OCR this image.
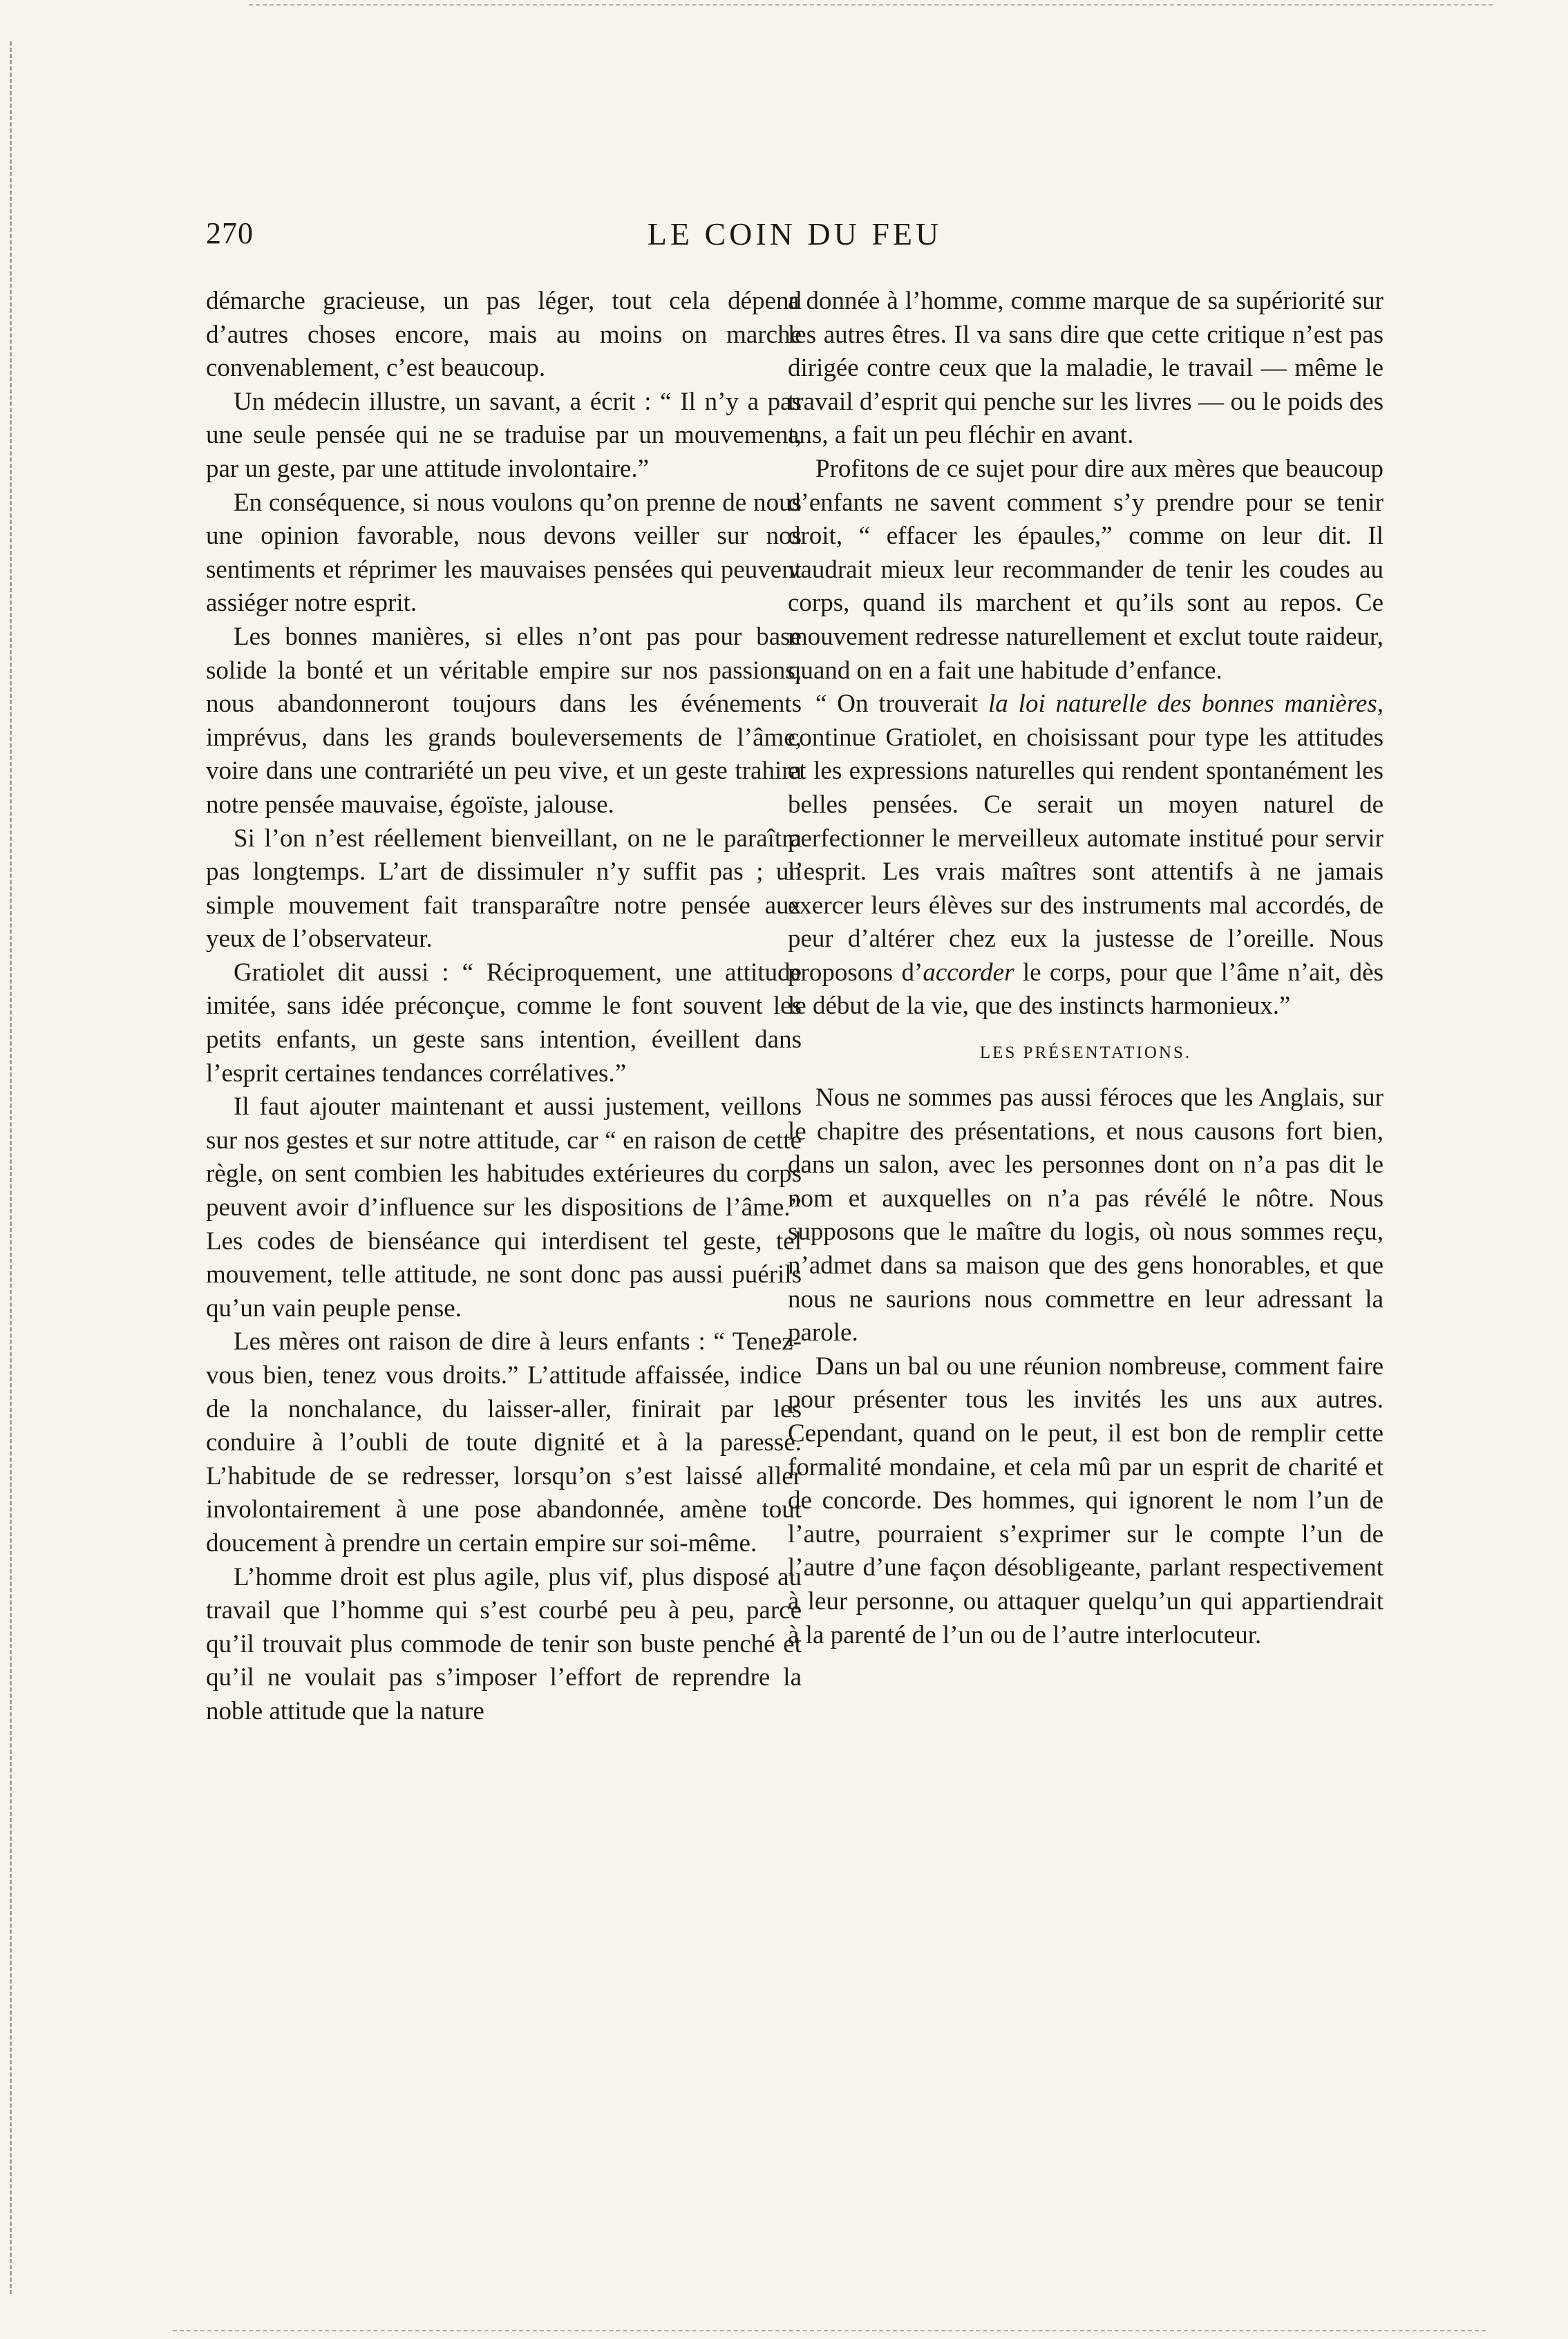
270	LE COIN DU FEU

démarche gracieuse, un pas léger, tout cela dépend d’autres choses encore, mais au moins on marche convenablement, c’est beaucoup.

Un médecin illustre, un savant, a écrit : “ Il n’y a pas une seule pensée qui ne se traduise par un mouvement, par un geste, par une attitude involontaire.”

En conséquence, si nous voulons qu’on prenne de nous une opinion favorable, nous devons veiller sur nos sentiments et réprimer les mauvaises pensées qui peuvent assiéger notre esprit.

Les bonnes manières, si elles n’ont pas pour base solide la bonté et un véritable empire sur nos passions, nous abandonneront toujours dans les événements imprévus, dans les grands bouleversements de l’âme, voire dans une contrariété un peu vive, et un geste trahira notre pensée mauvaise, égoïste, jalouse.

Si l’on n’est réellement bienveillant, on ne le paraîtra pas longtemps. L’art de dissimuler n’y suffit pas ; un simple mouvement fait transparaître notre pensée aux yeux de l’observateur.

Gratiolet dit aussi : “ Réciproquement, une attitude imitée, sans idée préconçue, comme le font souvent les petits enfants, un geste sans intention, éveillent dans l’esprit certaines tendances corrélatives.”

Il faut ajouter maintenant et aussi justement, veillons sur nos gestes et sur notre attitude, car “ en raison de cette règle, on sent combien les habitudes extérieures du corps peuvent avoir d’influence sur les dispositions de l’âme.” Les codes de bienséance qui interdisent tel geste, tel mouvement, telle attitude, ne sont donc pas aussi puérils qu’un vain peuple pense.

Les mères ont raison de dire à leurs enfants : “ Tenez-vous bien, tenez vous droits.” L’attitude affaissée, indice de la nonchalance, du laisser-aller, finirait par les conduire à l’oubli de toute dignité et à la paresse. L’habitude de se redresser, lorsqu’on s’est laissé aller involontairement à une pose abandonnée, amène tout doucement à prendre un certain empire sur soi-même.

L’homme droit est plus agile, plus vif, plus disposé au travail que l’homme qui s’est courbé peu à peu, parce qu’il trouvait plus commode de tenir son buste penché et qu’il ne voulait pas s’imposer l’effort de reprendre la noble attitude que la nature

a donnée à l’homme, comme marque de sa supériorité sur les autres êtres. Il va sans dire que cette critique n’est pas dirigée contre ceux que la maladie, le travail — même le travail d’esprit qui penche sur les livres — ou le poids des ans, a fait un peu fléchir en avant.

Profitons de ce sujet pour dire aux mères que beaucoup d’enfants ne savent comment s’y prendre pour se tenir droit, “ effacer les épaules,” comme on leur dit. Il vaudrait mieux leur recommander de tenir les coudes au corps, quand ils marchent et qu’ils sont au repos. Ce mouvement redresse naturellement et exclut toute raideur, quand on en a fait une habitude d’enfance.

“ On trouverait la loi naturelle des bonnes manières, continue Gratiolet, en choisissant pour type les attitudes et les expressions naturelles qui rendent spontanément les belles pensées. Ce serait un moyen naturel de perfectionner le merveilleux automate institué pour servir l’esprit. Les vrais maîtres sont attentifs à ne jamais exercer leurs élèves sur des instruments mal accordés, de peur d’altérer chez eux la justesse de l’oreille. Nous proposons d’accorder le corps, pour que l’âme n’ait, dès le début de la vie, que des instincts harmonieux.”

LES PRÉSENTATIONS.

Nous ne sommes pas aussi féroces que les Anglais, sur le chapitre des présentations, et nous causons fort bien, dans un salon, avec les personnes dont on n’a pas dit le nom et auxquelles on n’a pas révélé le nôtre. Nous supposons que le maître du logis, où nous sommes reçu, n’admet dans sa maison que des gens honorables, et que nous ne saurions nous commettre en leur adressant la parole.

Dans un bal ou une réunion nombreuse, comment faire pour présenter tous les invités les uns aux autres. Cependant, quand on le peut, il est bon de remplir cette formalité mondaine, et cela mû par un esprit de charité et de concorde. Des hommes, qui ignorent le nom l’un de l’autre, pourraient s’exprimer sur le compte l’un de l’autre d’une façon désobligeante, parlant respectivement à leur personne, ou attaquer quelqu’un qui appartiendrait à la parenté de l’un ou de l’autre interlocuteur.
